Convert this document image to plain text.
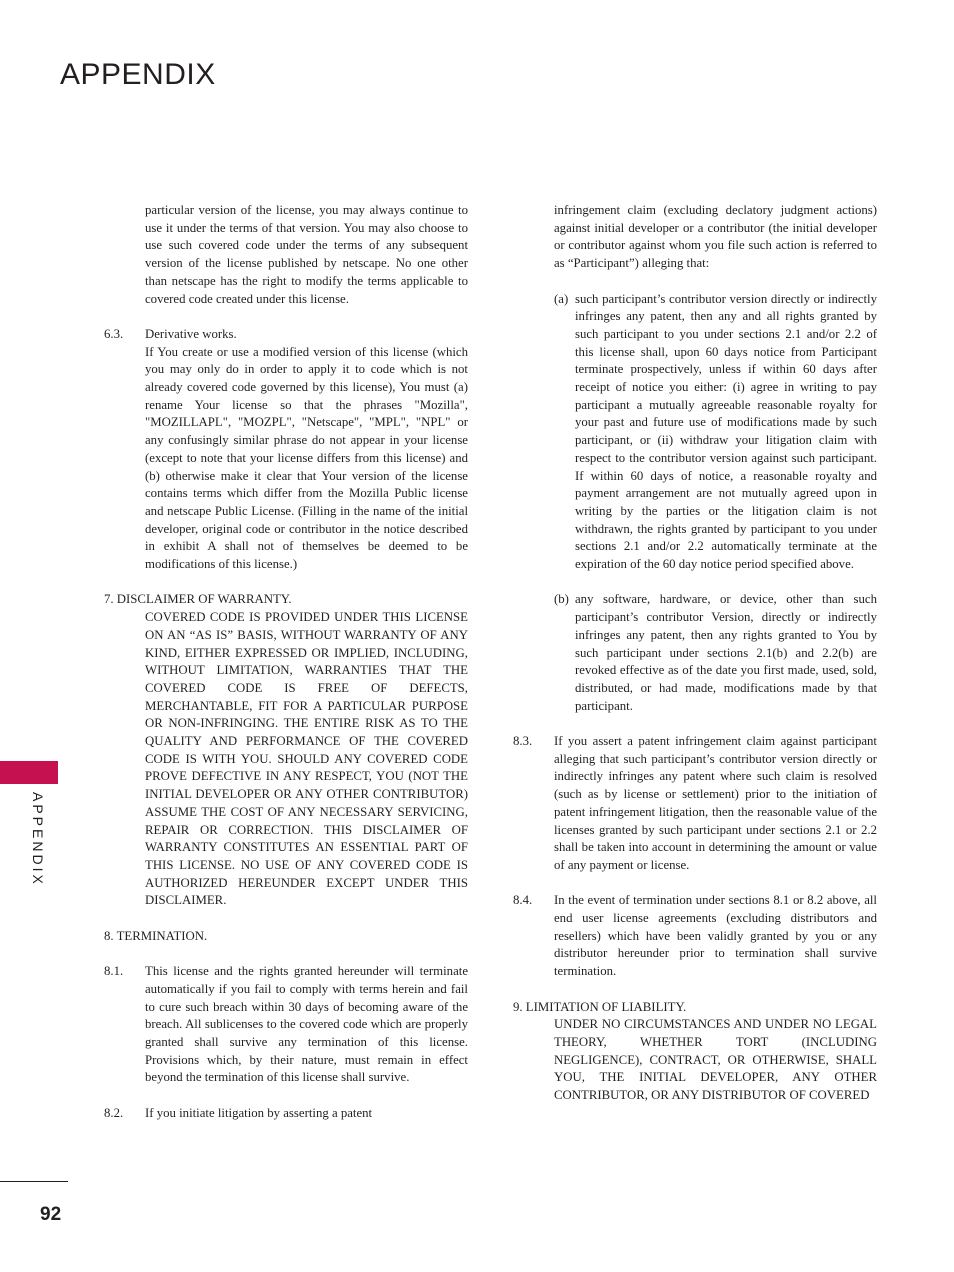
APPENDIX
APPENDIX
92

particular version of the license, you may always continue to use it under the terms of that version. You may also choose to use such covered code under the terms of any subsequent version of the license published by netscape. No one other than netscape has the right to modify the terms applicable to covered code created under this license.

6.3.	Derivative works.

If You create or use a modified version of this license (which you may only do in order to apply it to code which is not already covered code governed by this license), You must (a) rename Your license so that the phrases "Mozilla", "MOZILLAPL", "MOZPL", "Netscape", "MPL", "NPL" or any confusingly similar phrase do not appear in your license (except to note that your license differs from this license) and (b) otherwise make it clear that Your version of the license contains terms which differ from the Mozilla Public license and netscape Public License. (Filling in the name of the initial developer, original code or contributor in the notice described in exhibit A shall not of themselves be deemed to be modifications of this license.)

7. DISCLAIMER OF WARRANTY.

COVERED CODE IS PROVIDED UNDER THIS LICENSE ON AN “AS IS” BASIS, WITHOUT WARRANTY OF ANY KIND, EITHER EXPRESSED OR IMPLIED, INCLUDING, WITHOUT LIMITATION, WARRANTIES THAT THE COVERED CODE IS FREE OF DEFECTS, MERCHANTABLE, FIT FOR A PARTICULAR PURPOSE OR NON-INFRINGING. THE ENTIRE RISK AS TO THE QUALITY AND PERFORMANCE OF THE COVERED CODE IS WITH YOU. SHOULD ANY COVERED CODE PROVE DEFECTIVE IN ANY RESPECT, YOU (NOT THE INITIAL DEVELOPER OR ANY OTHER CONTRIBUTOR) ASSUME THE COST OF ANY NECESSARY SERVICING, REPAIR OR CORRECTION. THIS DISCLAIMER OF WARRANTY CONSTITUTES AN ESSENTIAL PART OF THIS LICENSE. NO USE OF ANY COVERED CODE IS AUTHORIZED HEREUNDER EXCEPT UNDER THIS DISCLAIMER.

8. TERMINATION.

8.1.	This license and the rights granted hereunder will terminate automatically if you fail to comply with terms herein and fail to cure such breach within 30 days of becoming aware of the breach. All sublicenses to the covered code which are properly granted shall survive any termination of this license. Provisions which, by their nature, must remain in effect beyond the termination of this license shall survive.
8.2.	If you initiate litigation by asserting a patent

infringement claim (excluding declatory judgment actions) against initial developer or a contributor (the initial developer or contributor against whom you file such action is referred to as “Participant”) alleging that:

(a) such participant’s contributor version directly or indirectly infringes any patent, then any and all rights granted by such participant to you under sections 2.1 and/or 2.2 of this license shall, upon 60 days notice from Participant terminate prospectively, unless if within 60 days after receipt of notice you either: (i) agree in writing to pay participant a mutually agreeable reasonable royalty for your past and future use of modifications made by such participant, or (ii) withdraw your litigation claim with respect to the contributor version against such participant. If within 60 days of notice, a reasonable royalty and payment arrangement are not mutually agreed upon in writing by the parties or the litigation claim is not withdrawn, the rights granted by participant to you under sections 2.1 and/or 2.2 automatically terminate at the expiration of the 60 day notice period specified above.
(b) any software, hardware, or device, other than such participant’s contributor Version, directly or indirectly infringes any patent, then any rights granted to You by such participant under sections 2.1(b) and 2.2(b) are revoked effective as of the date you first made, used, sold, distributed, or had made, modifications made by that participant.
8.3.	If you assert a patent infringement claim against participant alleging that such participant’s contributor version directly or indirectly infringes any patent where such claim is resolved (such as by license or settlement) prior to the initiation of patent infringement litigation, then the reasonable value of the licenses granted by such participant under sections 2.1 or 2.2 shall be taken into account in determining the amount or value of any payment or license.
8.4.	In the event of termination under sections 8.1 or 8.2 above, all end user license agreements (excluding distributors and resellers) which have been validly granted by you or any distributor hereunder prior to termination shall survive termination.

9. LIMITATION OF LIABILITY.

UNDER NO CIRCUMSTANCES AND UNDER NO LEGAL THEORY, WHETHER TORT (INCLUDING NEGLIGENCE), CONTRACT, OR OTHERWISE, SHALL YOU, THE INITIAL DEVELOPER, ANY OTHER CONTRIBUTOR, OR ANY DISTRIBUTOR OF COVERED
